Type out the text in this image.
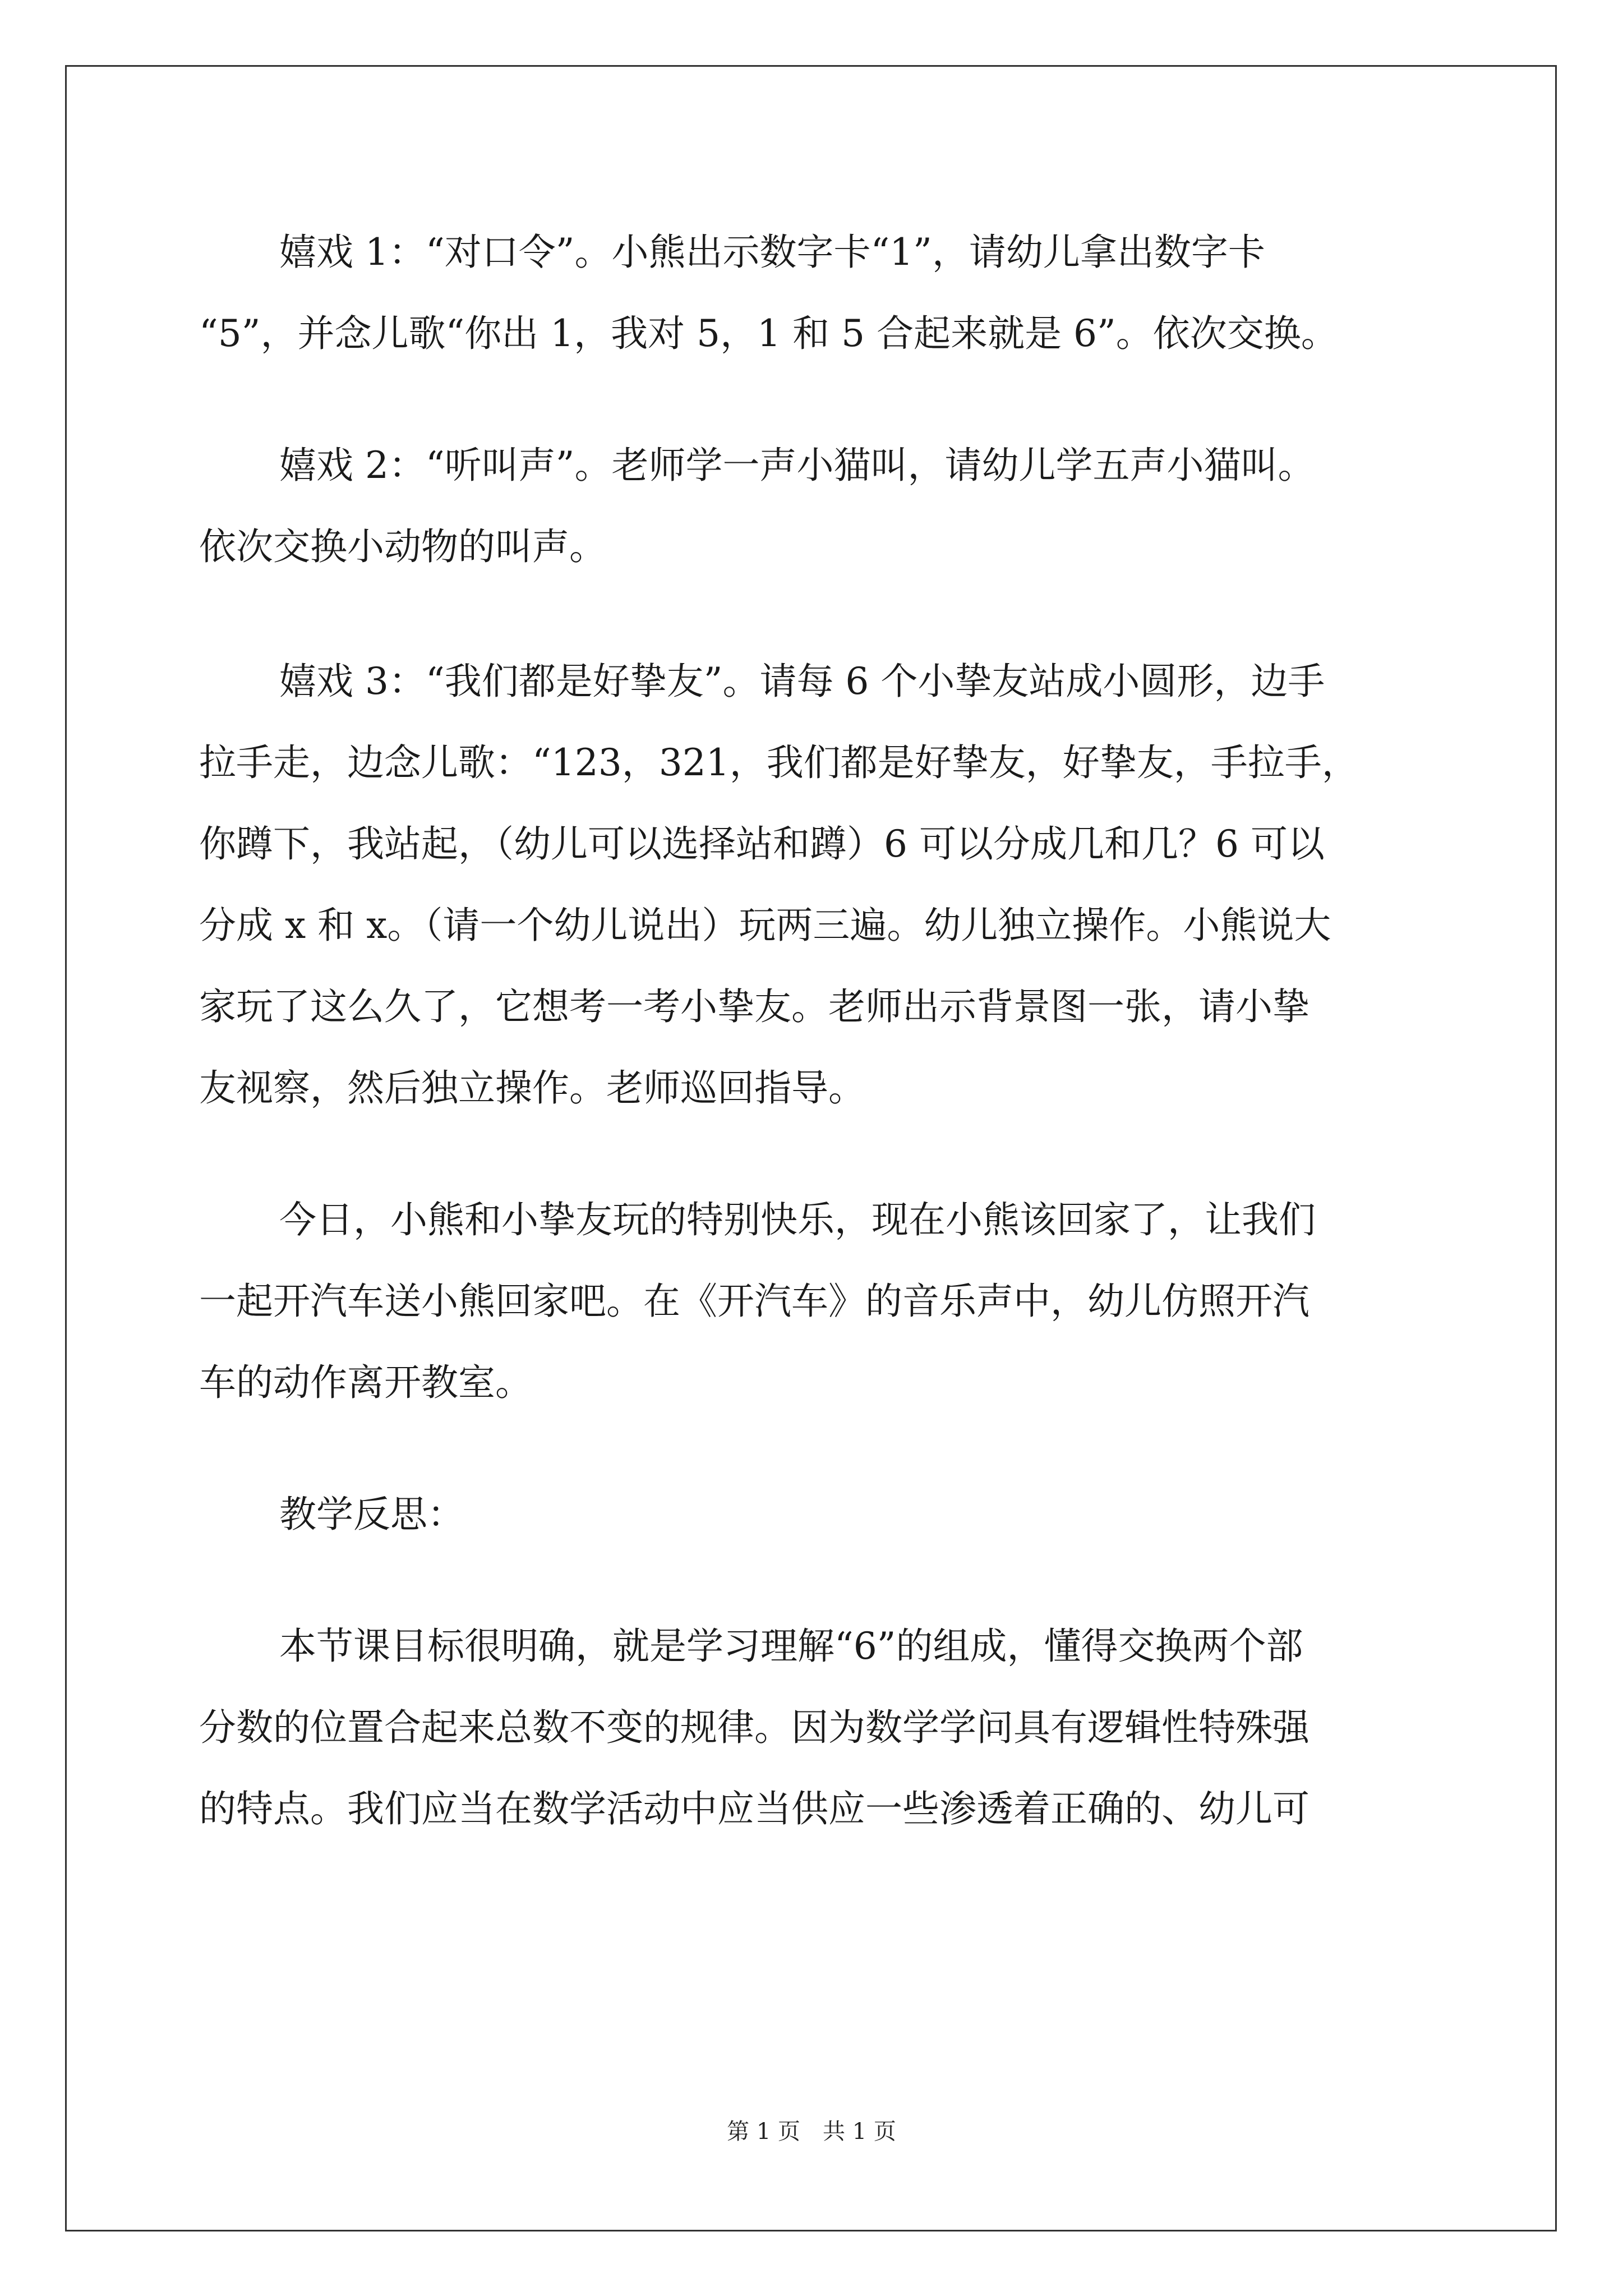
嬉戏 1：“对口令”。小熊出示数字卡“1”，请幼儿拿出数字卡
“5”，并念儿歌“你出 1，我对 5，1 和 5 合起来就是 6”。依次交换。
嬉戏 2：“听叫声”。老师学一声小猫叫，请幼儿学五声小猫叫。
依次交换小动物的叫声。
嬉戏 3：“我们都是好挚友”。请每 6 个小挚友站成小圆形，边手
拉手走，边念儿歌：“123，321，我们都是好挚友，好挚友，手拉手，
你蹲下，我站起，（幼儿可以选择站和蹲）6 可以分成几和几？6 可以
分成 x 和 x。（请一个幼儿说出）玩两三遍。幼儿独立操作。小熊说大
家玩了这么久了，它想考一考小挚友。老师出示背景图一张，请小挚
友视察，然后独立操作。老师巡回指导。
今日，小熊和小挚友玩的特别快乐，现在小熊该回家了，让我们
一起开汽车送小熊回家吧。在《开汽车》的音乐声中，幼儿仿照开汽
车的动作离开教室。
教学反思：
本节课目标很明确，就是学习理解“6”的组成，懂得交换两个部
分数的位置合起来总数不变的规律。因为数学学问具有逻辑性特殊强
的特点。我们应当在数学活动中应当供应一些渗透着正确的、幼儿可
第 1 页　共 1 页
